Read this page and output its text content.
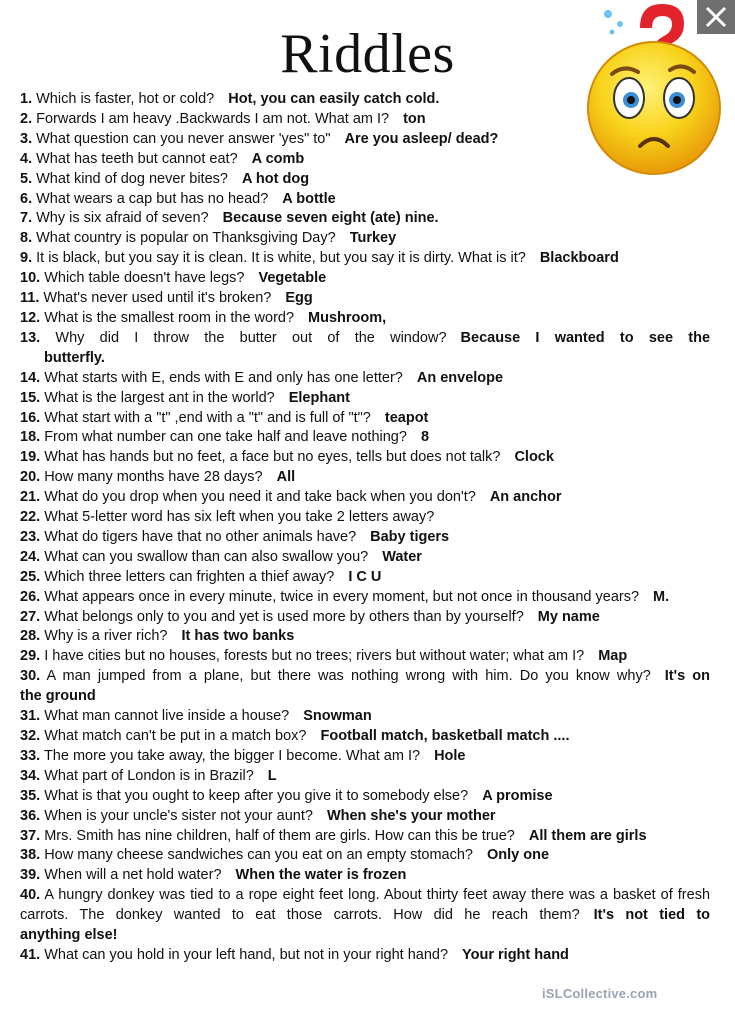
Riddles
1. Which is faster, hot or cold? Hot, you can easily catch cold.
2. Forwards I am heavy .Backwards I am not. What am I? ton
3. What question can you never answer 'yes" to" Are you asleep/ dead?
4. What has teeth but cannot eat? A comb
5. What kind of dog never bites? A hot dog
6. What wears a cap but has no head? A bottle
7. Why is six afraid of seven? Because seven eight (ate) nine.
8. What country is popular on Thanksgiving Day? Turkey
9. It is black, but you say it is clean. It is white, but you say it is dirty. What is it? Blackboard
10. Which table doesn't have legs? Vegetable
11. What's never used until it's broken? Egg
12. What is the smallest room in the word? Mushroom,
13. Why did I throw the butter out of the window? Because I wanted to see the
butterfly.
14. What starts with E, ends with E and only has one letter? An envelope
15. What is the largest ant in the world? Elephant
16. What start with a "t" ,end with a "t" and is full of "t"? teapot
18. From what number can one take half and leave nothing? 8
19. What has hands but no feet, a face but no eyes, tells but does not talk? Clock
20. How many months have 28 days? All
21. What do you drop when you need it and take back when you don't? An anchor
22. What 5-letter word has six left when you take 2 letters away?
23. What do tigers have that no other animals have? Baby tigers
24. What can you swallow than can also swallow you? Water
25. Which three letters can frighten a thief away? I C U
26. What appears once in every minute, twice in every moment, but not once in thousand years? M.
27. What belongs only to you and yet is used more by others than by yourself? My name
28. Why is a river rich? It has two banks
29. I have cities but no houses, forests but no trees; rivers but without water; what am I? Map
30. A man jumped from a plane, but there was nothing wrong with him. Do you know why? It's on
the ground
31. What man cannot live inside a house? Snowman
32. What match can't be put in a match box? Football match, basketball match ....
33. The more you take away, the bigger I become. What am I? Hole
34. What part of London is in Brazil? L
35. What is that you ought to keep after you give it to somebody else? A promise
36. When is your uncle's sister not your aunt? When she's your mother
37. Mrs. Smith has nine children, half of them are girls. How can this be true? All them are girls
38. How many cheese sandwiches can you eat on an empty stomach? Only one
39. When will a net hold water? When the water is frozen
40. A hungry donkey was tied to a rope eight feet long. About thirty feet away there was a basket of fresh carrots. The donkey wanted to eat those carrots. How did he reach them? It's not tied to
anything else!
41. What can you hold in your left hand, but not in your right hand? Your right hand
iSLCollective.com
